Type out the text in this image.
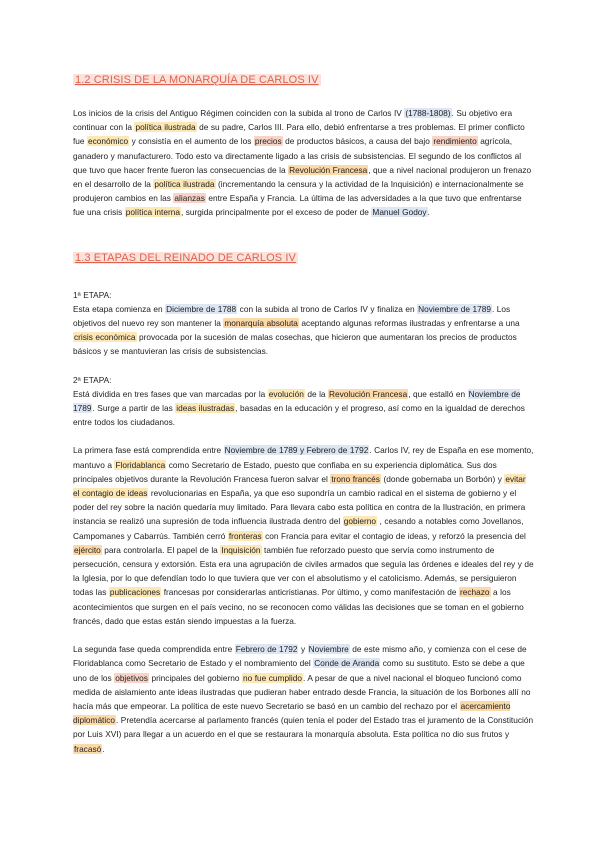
1.2 CRISIS DE LA MONARQUÍA DE CARLOS IV

Los inicios de la crisis del Antiguo Régimen coinciden con la subida al trono de Carlos IV (1788-1808). Su objetivo era continuar con la política ilustrada de su padre, Carlos III. Para ello, debió enfrentarse a tres problemas. El primer conflicto fue económico y consistía en el aumento de los precios de productos básicos, a causa del bajo rendimiento agrícola, ganadero y manufacturero. Todo esto va directamente ligado a las crisis de subsistencias. El segundo de los conflictos al que tuvo que hacer frente fueron las consecuencias de la Revolución Francesa, que a nivel nacional produjeron un frenazo en el desarrollo de la política ilustrada (incrementando la censura y la actividad de la Inquisición) e internacionalmente se produjeron cambios en las alianzas entre España y Francia. La última de las adversidades a la que tuvo que enfrentarse fue una crisis política interna, surgida principalmente por el exceso de poder de Manuel Godoy.

1.3 ETAPAS DEL REINADO DE CARLOS IV

1ª ETAPA:

Esta etapa comienza en Diciembre de 1788 con la subida al trono de Carlos IV y finaliza en Noviembre de 1789. Los objetivos del nuevo rey son mantener la monarquía absoluta aceptando algunas reformas ilustradas y enfrentarse a una crisis económica provocada por la sucesión de malas cosechas, que hicieron que aumentaran los precios de productos básicos y se mantuvieran las crisis de subsistencias.

2ª ETAPA:

Está dividida en tres fases que van marcadas por la evolución de la Revolución Francesa, que estalló en Noviembre de 1789. Surge a partir de las ideas ilustradas, basadas en la educación y el progreso, así como en la igualdad de derechos entre todos los ciudadanos.

La primera fase está comprendida entre Noviembre de 1789 y Febrero de 1792. Carlos IV, rey de España en ese momento, mantuvo a Floridablanca como Secretario de Estado, puesto que confiaba en su experiencia diplomática. Sus dos principales objetivos durante la Revolución Francesa fueron salvar el trono francés (donde gobernaba un Borbón) y evitar el contagio de ideas revolucionarias en España, ya que eso supondría un cambio radical en el sistema de gobierno y el poder del rey sobre la nación quedaría muy limitado. Para llevara cabo esta política en contra de la Ilustración, en primera instancia se realizó una supresión de toda influencia ilustrada dentro del gobierno , cesando a notables como Jovellanos, Campomanes y Cabarrús. También cerró fronteras con Francia para evitar el contagio de ideas, y reforzó la presencia del ejército para controlarla. El papel de la Inquisición también fue reforzado puesto que servía como instrumento de persecución, censura y extorsión. Esta era una agrupación de civiles armados que seguía las órdenes e ideales del rey y de la Iglesia, por lo que defendían todo lo que tuviera que ver con el absolutismo y el catolicismo. Además, se persiguieron todas las publicaciones francesas por considerarlas anticristianas. Por último, y como manifestación de rechazo a los acontecimientos que surgen en el país vecino, no se reconocen como válidas las decisiones que se toman en el gobierno francés, dado que estas están siendo impuestas a la fuerza.

La segunda fase queda comprendida entre Febrero de 1792 y Noviembre de este mismo año, y comienza con el cese de Floridablanca como Secretario de Estado y el nombramiento del Conde de Aranda como su sustituto. Esto se debe a que uno de los objetivos principales del gobierno no fue cumplido. A pesar de que a nivel nacional el bloqueo funcionó como medida de aislamiento ante ideas ilustradas que pudieran haber entrado desde Francia, la situación de los Borbones allí no hacía más que empeorar. La política de este nuevo Secretario se basó en un cambio del rechazo por el acercamiento diplomático. Pretendía acercarse al parlamento francés (quien tenía el poder del Estado tras el juramento de la Constitución por Luis XVI) para llegar a un acuerdo en el que se restaurara la monarquía absoluta. Esta política no dio sus frutos y fracasó.
